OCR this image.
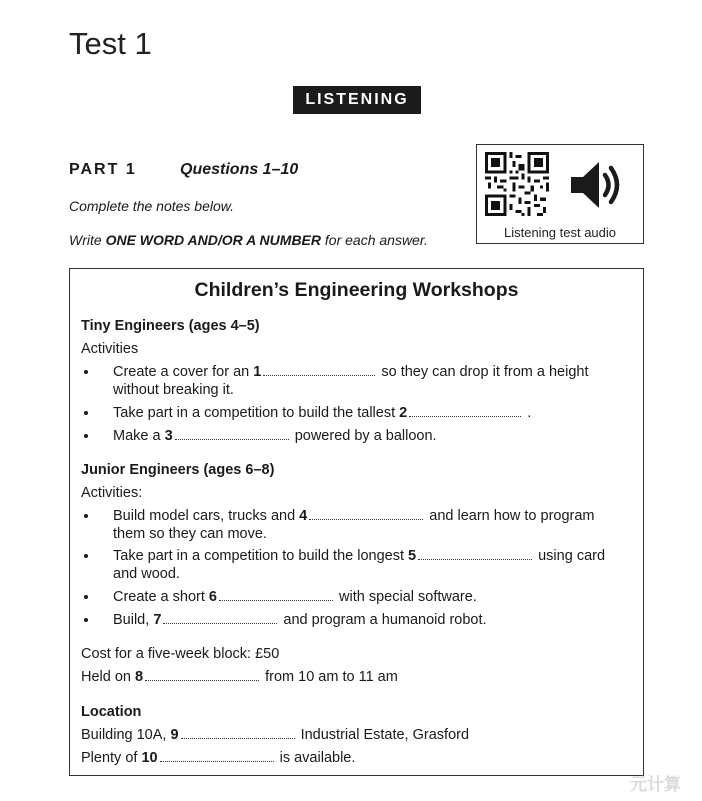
Test 1
LISTENING
PART 1	Questions 1–10
Complete the notes below.
Write ONE WORD AND/OR A NUMBER for each answer.	Listening test audio
Children’s Engineering Workshops
Tiny Engineers (ages 4–5)
Activities
Create a cover for an 1	so they can drop it from a height
without breaking it.
Take part in a competition to build the tallest 2	.
Make a 3	powered by a balloon.
Junior Engineers (ages 6–8)
Activities:
Build model cars, trucks and 4	and learn how to program
them so they can move.
Take part in a competition to build the longest 5	using card
and wood.
Create a short 6	with special software.
Build, 7	and program a humanoid robot.
Cost for a five-week block: £50
Held on 8	from 10 am to 11 am
Location
Building 10A, 9	Industrial Estate, Grasford
Plenty of 10	is available.
元计算
